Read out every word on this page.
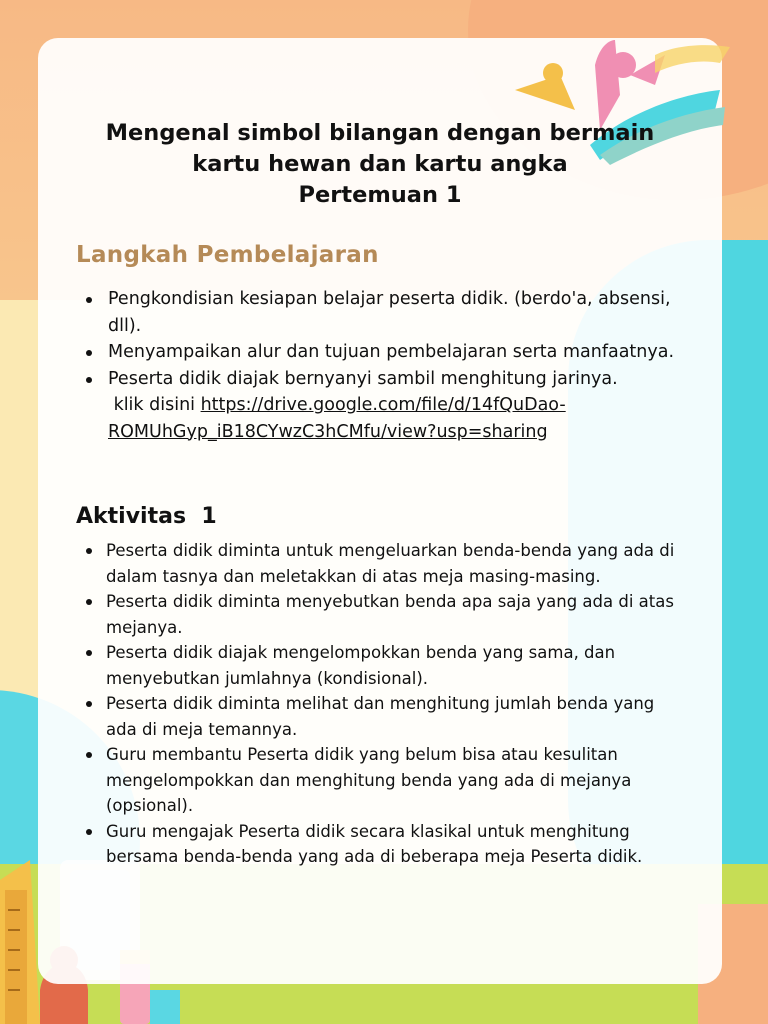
Mengenal simbol bilangan dengan bermain
kartu hewan dan kartu angka
Pertemuan 1
Langkah Pembelajaran
Pengkondisian kesiapan belajar peserta didik. (berdo'a, absensi, dll).
Menyampaikan alur dan tujuan pembelajaran serta manfaatnya.
Peserta didik diajak bernyanyi sambil menghitung jarinya.
klik disini https://drive.google.com/file/d/14fQuDao-
ROMUhGyp_iB18CYwzC3hCMfu/view?usp=sharing
Aktivitas  1
Peserta didik diminta untuk mengeluarkan benda-benda yang ada di dalam tasnya dan meletakkan di atas meja masing-masing.
Peserta didik diminta menyebutkan benda apa saja yang ada di atas mejanya.
Peserta didik diajak mengelompokkan benda yang sama, dan menyebutkan jumlahnya (kondisional).
Peserta didik diminta melihat dan menghitung jumlah benda yang ada di meja temannya.
Guru membantu Peserta didik yang belum bisa atau kesulitan mengelompokkan dan menghitung benda yang ada di mejanya (opsional).
Guru mengajak Peserta didik secara klasikal untuk menghitung bersama benda-benda yang ada di beberapa meja Peserta didik.
